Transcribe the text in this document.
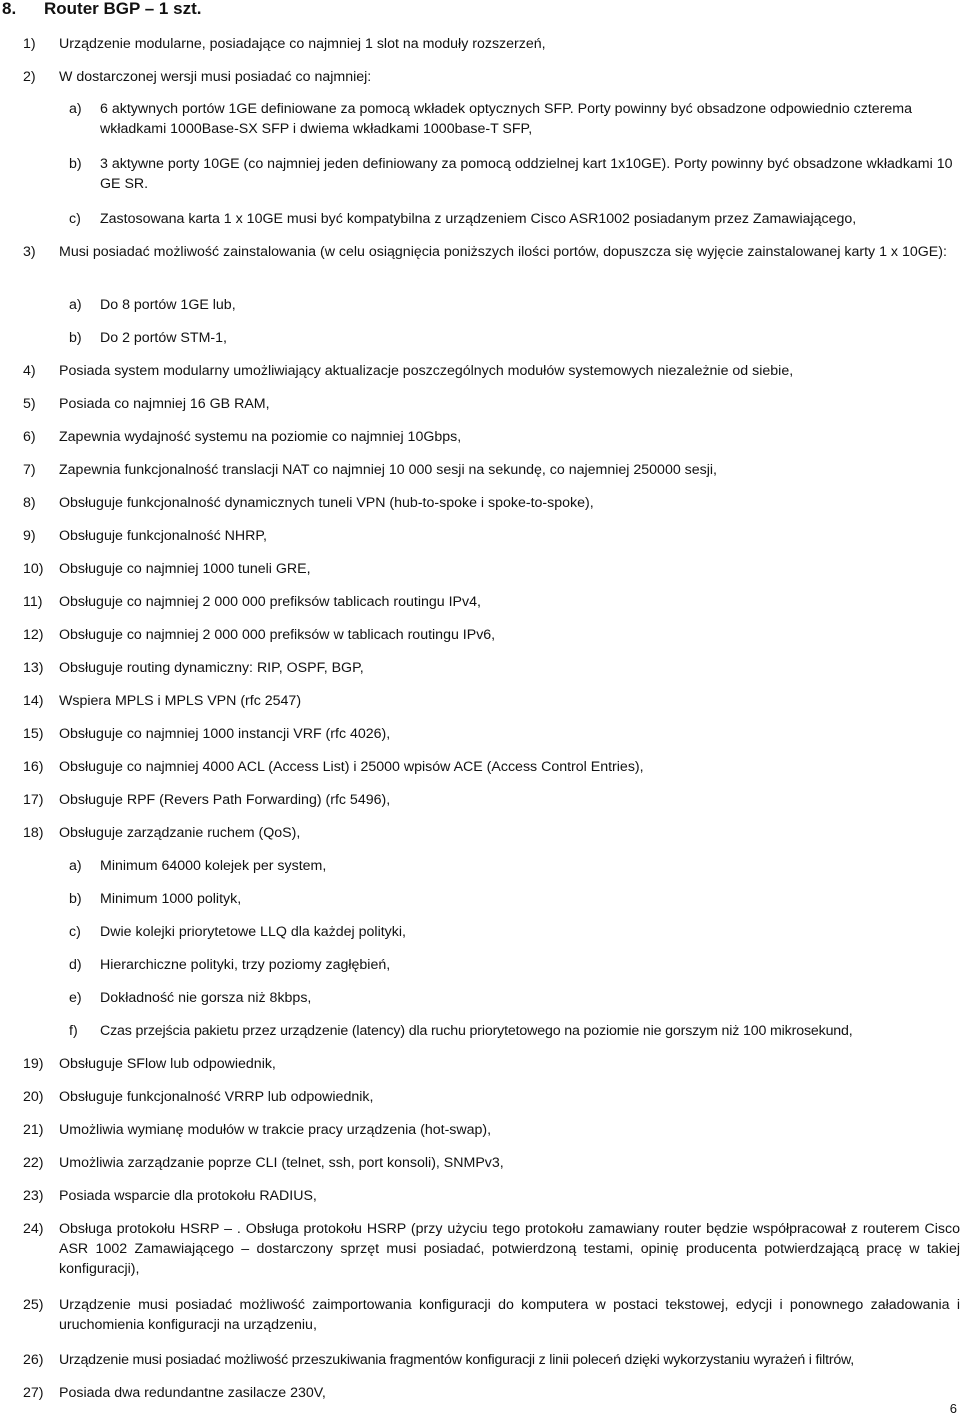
8. Router BGP – 1 szt.
1) Urządzenie modularne, posiadające co najmniej 1 slot na moduły rozszerzeń,
2) W dostarczonej wersji musi posiadać co najmniej:
a) 6 aktywnych portów 1GE definiowane za pomocą wkładek optycznych SFP. Porty powinny być obsadzone odpowiednio czterema wkładkami 1000Base-SX SFP i dwiema wkładkami 1000base-T SFP,
b) 3 aktywne porty 10GE (co najmniej jeden definiowany za pomocą oddzielnej kart 1x10GE). Porty powinny być obsadzone wkładkami 10 GE SR.
c) Zastosowana karta 1 x 10GE musi być kompatybilna z urządzeniem Cisco ASR1002 posiadanym przez Zamawiającego,
3) Musi posiadać możliwość zainstalowania (w celu osiągnięcia poniższych ilości portów, dopuszcza się wyjęcie zainstalowanej karty 1 x 10GE):
a) Do 8 portów 1GE lub,
b) Do 2 portów STM-1,
4) Posiada system modularny umożliwiający aktualizacje poszczególnych modułów systemowych niezależnie od siebie,
5) Posiada co najmniej 16 GB RAM,
6) Zapewnia wydajność systemu na poziomie co najmniej 10Gbps,
7) Zapewnia funkcjonalność translacji NAT co najmniej 10 000 sesji na sekundę, co najemniej 250000 sesji,
8) Obsługuje funkcjonalność dynamicznych tuneli VPN (hub-to-spoke i spoke-to-spoke),
9) Obsługuje funkcjonalność NHRP,
10) Obsługuje co najmniej 1000 tuneli GRE,
11) Obsługuje co najmniej 2 000 000 prefiksów tablicach routingu IPv4,
12) Obsługuje co najmniej 2 000 000 prefiksów w tablicach routingu IPv6,
13) Obsługuje routing dynamiczny: RIP, OSPF, BGP,
14) Wspiera MPLS i MPLS VPN (rfc 2547)
15) Obsługuje co najmniej 1000 instancji VRF (rfc 4026),
16) Obsługuje co najmniej 4000 ACL (Access List) i 25000 wpisów ACE (Access Control Entries),
17) Obsługuje RPF (Revers Path Forwarding) (rfc 5496),
18) Obsługuje zarządzanie ruchem (QoS),
a) Minimum 64000 kolejek per system,
b) Minimum 1000 polityk,
c) Dwie kolejki priorytetowe LLQ dla każdej polityki,
d) Hierarchiczne polityki, trzy poziomy zagłębień,
e) Dokładność nie gorsza niż 8kbps,
f) Czas przejścia pakietu przez urządzenie (latency) dla ruchu priorytetowego na poziomie nie gorszym niż 100 mikrosekund,
19) Obsługuje SFlow lub odpowiednik,
20) Obsługuje funkcjonalność VRRP lub odpowiednik,
21) Umożliwia wymianę modułów w trakcie pracy urządzenia (hot-swap),
22) Umożliwia zarządzanie poprze CLI (telnet, ssh, port konsoli), SNMPv3,
23) Posiada wsparcie dla protokołu RADIUS,
24) Obsługa protokołu HSRP – . Obsługa protokołu HSRP (przy użyciu tego protokołu zamawiany router będzie współpracował z routerem Cisco ASR 1002 Zamawiającego – dostarczony sprzęt musi posiadać, potwierdzoną testami, opinię producenta potwierdzającą pracę w takiej konfiguracji),
25) Urządzenie musi posiadać możliwość zaimportowania konfiguracji do komputera w postaci tekstowej, edycji i ponownego załadowania i uruchomienia konfiguracji na urządzeniu,
26) Urządzenie musi posiadać możliwość przeszukiwania fragmentów konfiguracji z linii poleceń dzięki wykorzystaniu wyrażeń i filtrów,
27) Posiada dwa redundantne zasilacze 230V,
6
